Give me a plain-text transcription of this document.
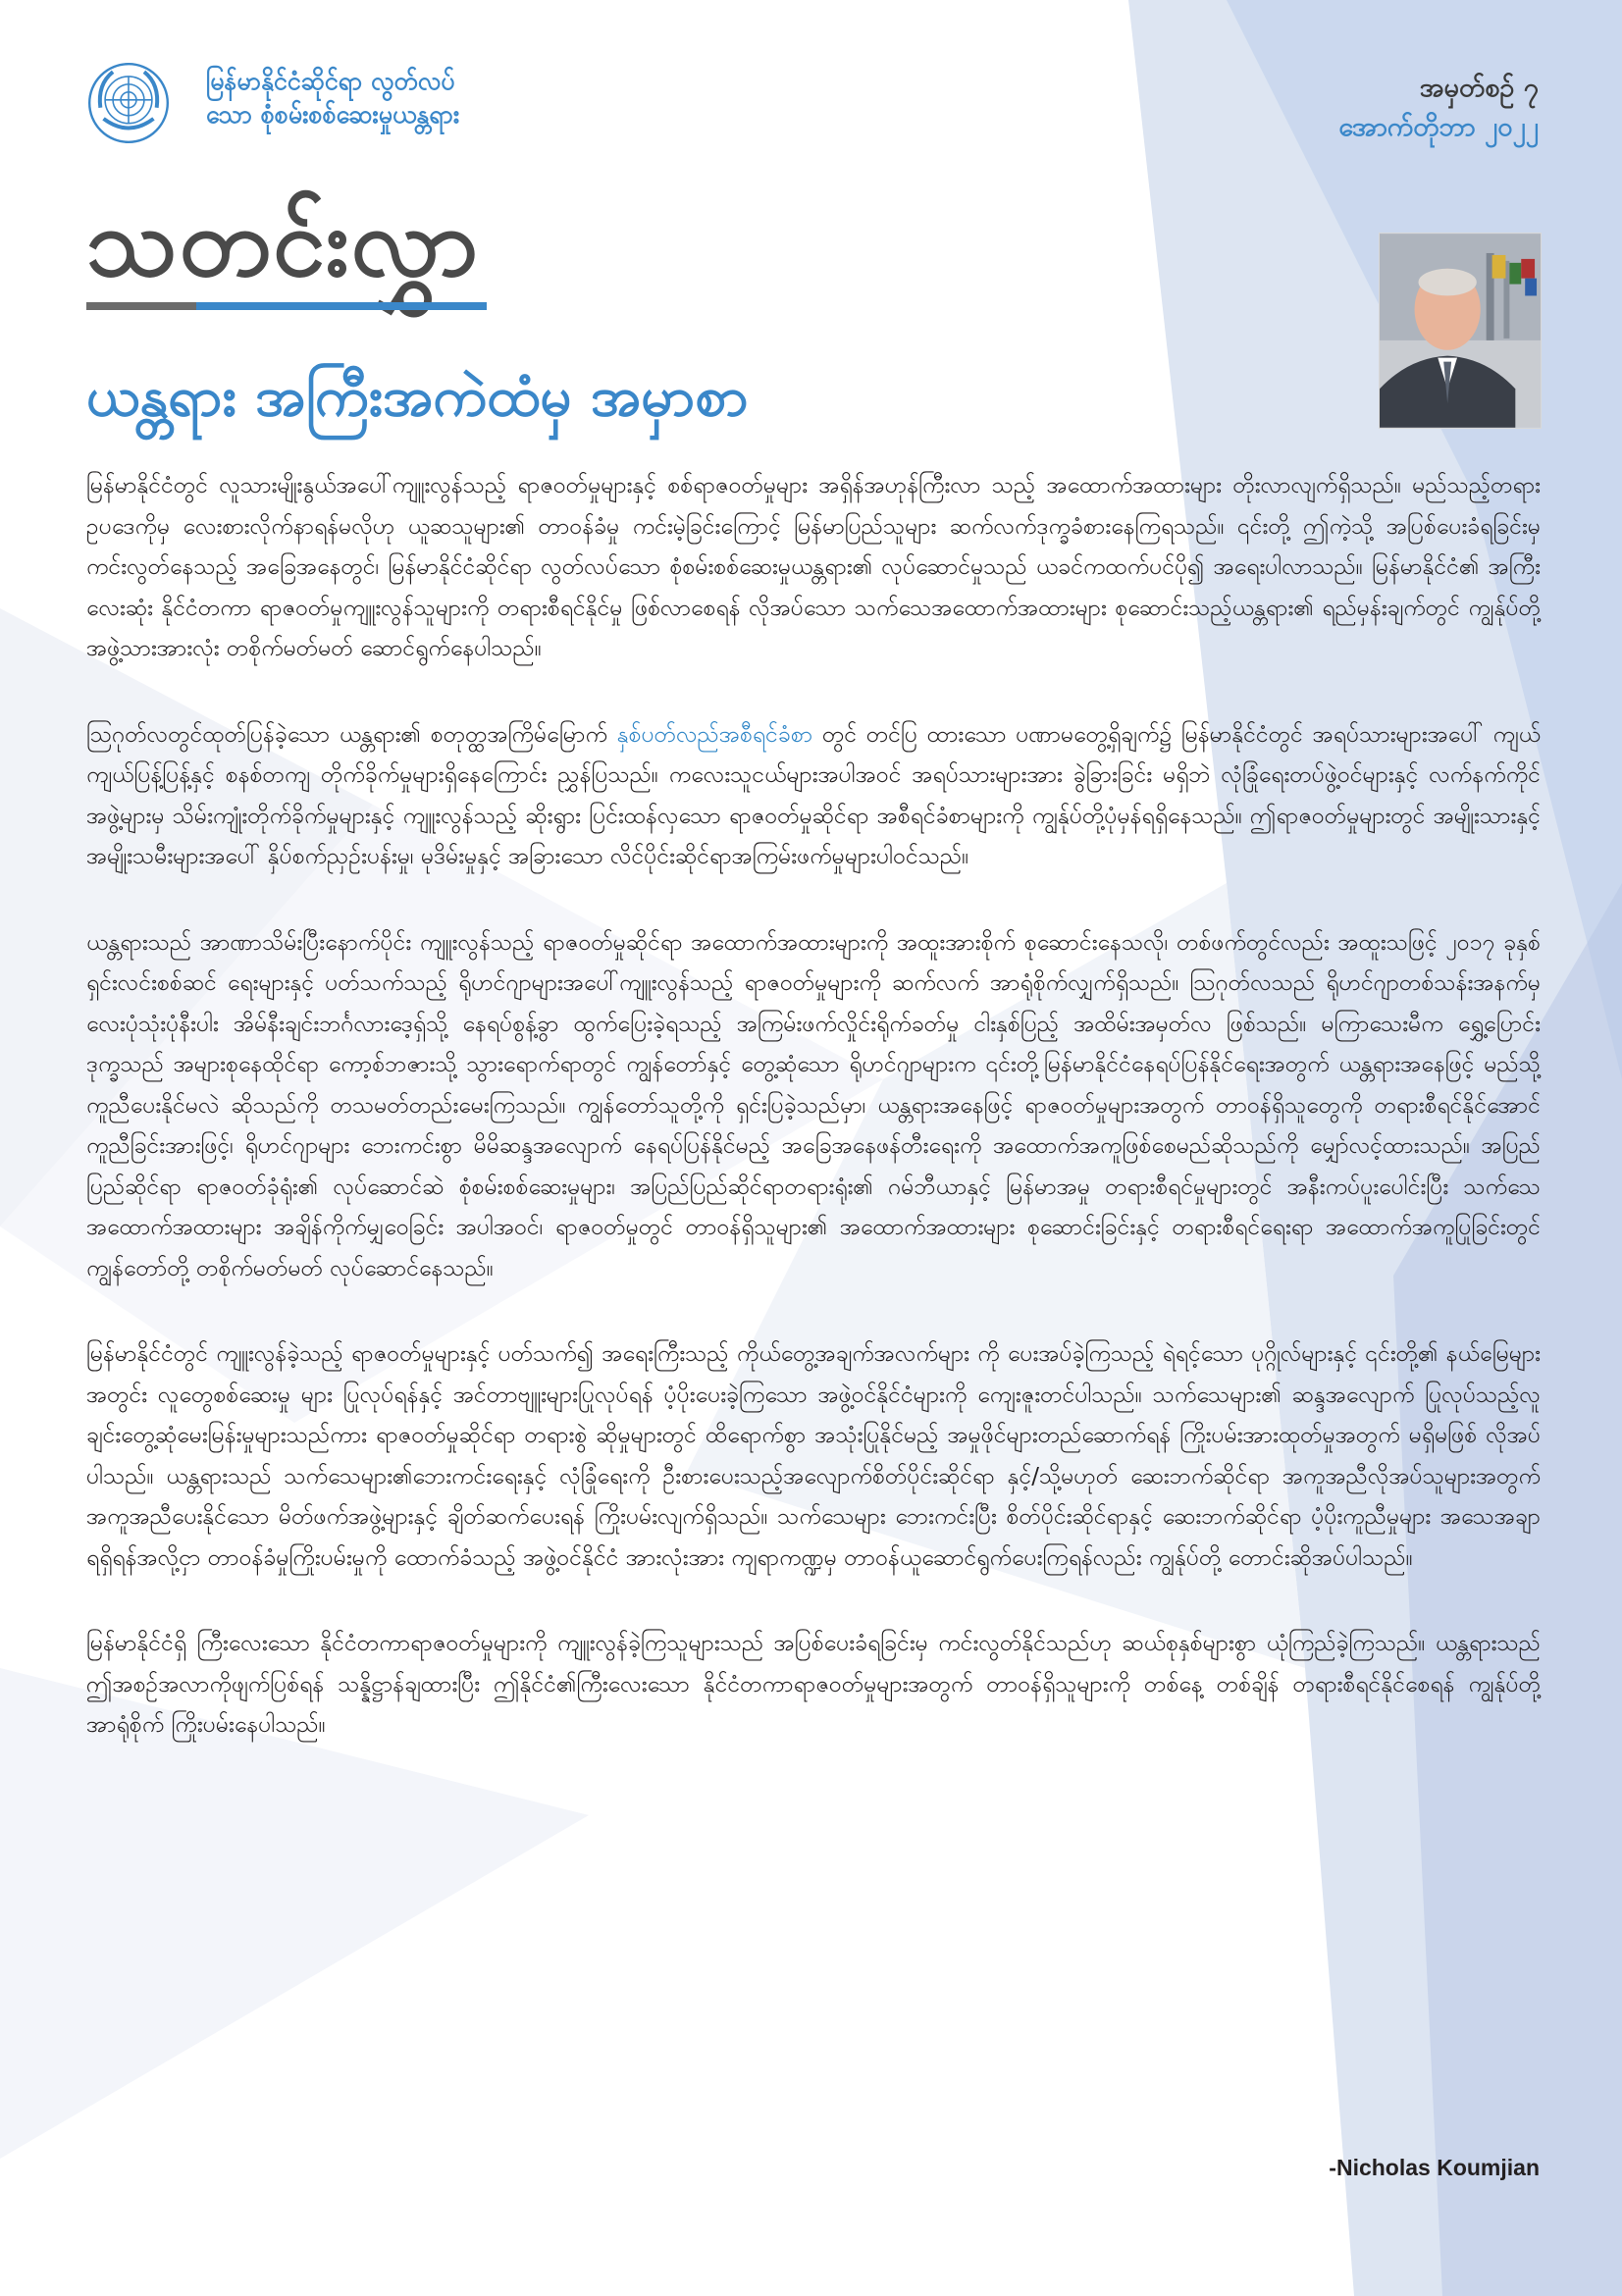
မြန်မာနိုင်ငံဆိုင်ရာ လွတ်လပ်
သော စုံစမ်းစစ်ဆေးမှုယန္တရား
အမှတ်စဉ် ၇
အောက်တိုဘာ ၂၀၂၂
သတင်းလွှာ
ယန္တရား အကြီးအကဲထံမှ အမှာစာ

မြန်မာနိုင်ငံတွင် လူသားမျိုးနွယ်အပေါ်ကျူးလွန်သည့် ရာဇဝတ်မှုများနှင့် စစ်ရာဇဝတ်မှုများ အရှိန်အဟုန်ကြီးလာ သည့် အထောက်အထားများ တိုးလာလျက်ရှိသည်။ မည်သည့်တရားဥပဒေကိုမှ လေးစားလိုက်နာရန်မလိုဟု ယူဆသူများ၏ တာဝန်ခံမှု ကင်းမဲ့ခြင်းကြောင့် မြန်မာပြည်သူများ ဆက်လက်ဒုက္ခခံစားနေကြရသည်။ ၎င်းတို့ ဤကဲ့သို့ အပြစ်ပေးခံရခြင်းမှ ကင်းလွတ်နေသည့် အခြေအနေတွင်၊ မြန်မာနိုင်ငံဆိုင်ရာ လွတ်လပ်သော စုံစမ်းစစ်ဆေးမှုယန္တရား၏ လုပ်ဆောင်မှုသည် ယခင်ကထက်ပင်ပို၍ အရေးပါလာသည်။ မြန်မာနိုင်ငံ၏ အကြီးလေးဆုံး နိုင်ငံတကာ ရာဇဝတ်မှုကျူးလွန်သူများကို တရားစီရင်နိုင်မှု ဖြစ်လာစေရန် လိုအပ်သော သက်သေအထောက်အထားများ စုဆောင်းသည့်ယန္တရား၏ ရည်မှန်းချက်တွင် ကျွန်ုပ်တို့အဖွဲ့သားအားလုံး တစိုက်မတ်မတ် ဆောင်ရွက်နေပါသည်။

ဩဂုတ်လတွင်ထုတ်ပြန်ခဲ့သော ယန္တရား၏ စတုတ္ထအကြိမ်မြောက် နှစ်ပတ်လည်အစီရင်ခံစာ တွင် တင်ပြ ထားသော ပဏာမတွေ့ရှိချက်၌ မြန်မာနိုင်ငံတွင် အရပ်သားများအပေါ် ကျယ်ကျယ်ပြန့်ပြန့်နှင့် စနစ်တကျ တိုက်ခိုက်မှုများရှိနေကြောင်း ညွှန်ပြသည်။ ကလေးသူငယ်များအပါအဝင် အရပ်သားများအား ခွဲခြားခြင်း မရှိဘဲ လုံခြုံရေးတပ်ဖွဲ့ဝင်များနှင့် လက်နက်ကိုင်အဖွဲ့များမှ သိမ်းကျုံးတိုက်ခိုက်မှုများနှင့် ကျူးလွန်သည့် ဆိုးရွား ပြင်းထန်လှသော ရာဇဝတ်မှုဆိုင်ရာ အစီရင်ခံစာများကို ကျွန်ုပ်တို့ပုံမှန်ရရှိနေသည်။ ဤရာဇဝတ်မှုများတွင် အမျိုးသားနှင့်အမျိုးသမီးများအပေါ် နှိပ်စက်ညှဉ်းပန်းမှု၊ မုဒိမ်းမှုနှင့် အခြားသော လိင်ပိုင်းဆိုင်ရာအကြမ်းဖက်မှုများပါဝင်သည်။

ယန္တရားသည် အာဏာသိမ်းပြီးနောက်ပိုင်း ကျူးလွန်သည့် ရာဇဝတ်မှုဆိုင်ရာ အထောက်အထားများကို အထူးအားစိုက် စုဆောင်းနေသလို၊ တစ်ဖက်တွင်လည်း အထူးသဖြင့် ၂၀၁၇ ခုနှစ် ရှင်းလင်းစစ်ဆင် ရေးများနှင့် ပတ်သက်သည့် ရိုဟင်ဂျာများအပေါ်ကျူးလွန်သည့် ရာဇဝတ်မှုများကို ဆက်လက် အာရုံစိုက်လျှက်ရှိသည်။ ဩဂုတ်လသည် ရိုဟင်ဂျာတစ်သန်းအနက်မှ လေးပုံသုံးပုံနီးပါး အိမ်နီးချင်းဘင်္ဂလားဒေ့ရှ်သို့ နေရပ်စွန့်ခွာ ထွက်ပြေးခဲ့ရသည့် အကြမ်းဖက်လှိုင်းရိုက်ခတ်မှု ငါးနှစ်ပြည့် အထိမ်းအမှတ်လ ဖြစ်သည်။ မကြာသေးမီက ရွှေ့ပြောင်းဒုက္ခသည် အများစုနေထိုင်ရာ ကော့စ်ဘဇားသို့ သွားရောက်ရာတွင် ကျွန်တော်နှင့် တွေ့ဆုံသော ရိုဟင်ဂျာများက ၎င်းတို့မြန်မာနိုင်ငံနေရပ်ပြန်နိုင်ရေးအတွက် ယန္တရားအနေဖြင့် မည်သို့ ကူညီပေးနိုင်မလဲ ဆိုသည်ကို တသမတ်တည်းမေးကြသည်။ ကျွန်တော်သူတို့ကို ရှင်းပြခဲ့သည်မှာ၊ ယန္တရားအနေဖြင့် ရာဇဝတ်မှုများအတွက် တာဝန်ရှိသူတွေကို တရားစီရင်နိုင်အောင် ကူညီခြင်းအားဖြင့်၊ ရိုဟင်ဂျာများ ဘေးကင်းစွာ မိမိဆန္ဒအလျောက် နေရပ်ပြန်နိုင်မည့် အခြေအနေဖန်တီးရေးကို အထောက်အကူဖြစ်စေမည်ဆိုသည်ကို မျှော်လင့်ထားသည်။ အပြည်ပြည်ဆိုင်ရာ ရာဇဝတ်ခုံရုံး၏ လုပ်ဆောင်ဆဲ စုံစမ်းစစ်ဆေးမှုများ၊ အပြည်ပြည်ဆိုင်ရာတရားရုံး၏ ဂမ်ဘီယာနှင့် မြန်မာအမှု တရားစီရင်မှုများတွင် အနီးကပ်ပူးပေါင်းပြီး သက်သေအထောက်အထားများ အချိန်ကိုက်မျှဝေခြင်း အပါအဝင်၊ ရာဇဝတ်မှုတွင် တာဝန်ရှိသူများ၏ အထောက်အထားများ စုဆောင်းခြင်းနှင့် တရားစီရင်ရေးရာ အထောက်အကူပြုခြင်းတွင် ကျွန်တော်တို့ တစိုက်မတ်မတ် လုပ်ဆောင်နေသည်။

မြန်မာနိုင်ငံတွင် ကျူးလွန်ခဲ့သည့် ရာဇဝတ်မှုများနှင့် ပတ်သက်၍ အရေးကြီးသည့် ကိုယ်တွေ့အချက်အလက်များ ကို ပေးအပ်ခဲ့ကြသည့် ရဲရင့်သော ပုဂ္ဂိုလ်များနှင့် ၎င်းတို့၏ နယ်မြေများအတွင်း လူတွေစစ်ဆေးမှု များ ပြုလုပ်ရန်နှင့် အင်တာဗျူးများပြုလုပ်ရန် ပံ့ပိုးပေးခဲ့ကြသော အဖွဲ့ဝင်နိုင်ငံများကို ကျေးဇူးတင်ပါသည်။ သက်သေများ၏ ဆန္ဒအလျောက် ပြုလုပ်သည့်လူချင်းတွေ့ဆုံမေးမြန်းမှုများသည်ကား ရာဇဝတ်မှုဆိုင်ရာ တရားစွဲ ဆိုမှုများတွင် ထိရောက်စွာ အသုံးပြုနိုင်မည့် အမှုဖိုင်များတည်ဆောက်ရန် ကြိုးပမ်းအားထုတ်မှုအတွက် မရှိမဖြစ် လိုအပ်ပါသည်။ ယန္တရားသည် သက်သေများ၏ဘေးကင်းရေးနှင့် လုံခြုံရေးကို ဦးစားပေးသည့်အလျောက်စိတ်ပိုင်းဆိုင်ရာ နှင့်/သို့မဟုတ် ဆေးဘက်ဆိုင်ရာ အကူအညီလိုအပ်သူများအတွက် အကူအညီပေးနိုင်သော မိတ်ဖက်အဖွဲ့များနှင့် ချိတ်ဆက်ပေးရန် ကြိုးပမ်းလျက်ရှိသည်။ သက်သေများ ဘေးကင်းပြီး စိတ်ပိုင်းဆိုင်ရာနှင့် ဆေးဘက်ဆိုင်ရာ ပံ့ပိုးကူညီမှုများ အသေအချာရရှိရန်အလို့ငှာ တာဝန်ခံမှုကြိုးပမ်းမှုကို ထောက်ခံသည့် အဖွဲ့ဝင်နိုင်ငံ အားလုံးအား ကျရာကဏ္ဍမှ တာဝန်ယူဆောင်ရွက်ပေးကြရန်လည်း ကျွန်ုပ်တို့ တောင်းဆိုအပ်ပါသည်။

မြန်မာနိုင်ငံရှိ ကြီးလေးသော နိုင်ငံတကာရာဇဝတ်မှုများကို ကျူးလွန်ခဲ့ကြသူများသည် အပြစ်ပေးခံရခြင်းမှ ကင်းလွတ်နိုင်သည်ဟု ဆယ်စုနှစ်များစွာ ယုံကြည်ခဲ့ကြသည်။ ယန္တရားသည် ဤအစဉ်အလာကိုဖျက်ပြစ်ရန် သန္နိဋ္ဌာန်ချထားပြီး ဤနိုင်ငံ၏ကြီးလေးသော နိုင်ငံတကာရာဇဝတ်မှုများအတွက် တာဝန်ရှိသူများကို တစ်နေ့ တစ်ချိန် တရားစီရင်နိုင်စေရန် ကျွန်ုပ်တို့ အာရုံစိုက် ကြိုးပမ်းနေပါသည်။

-Nicholas Koumjian
